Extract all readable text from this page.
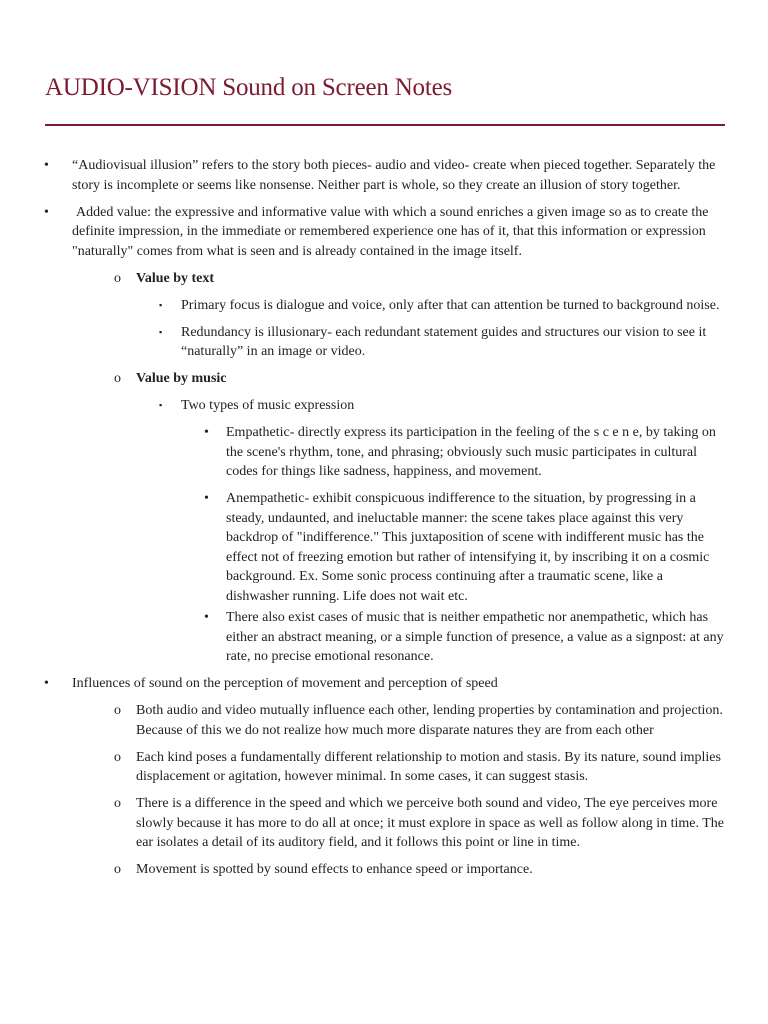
AUDIO-VISION Sound on Screen Notes
• “Audiovisual illusion” refers to the story both pieces- audio and video- create when pieced together. Separately the story is incomplete or seems like nonsense. Neither part is whole, so they create an illusion of story together.
• Added value: the expressive and informative value with which a sound enriches a given image so as to create the definite impression, in the immediate or remembered experience one has of it, that this information or expression "naturally" comes from what is seen and is already contained in the image itself.
o Value by text
▪ Primary focus is dialogue and voice, only after that can attention be turned to background noise.
▪ Redundancy is illusionary- each redundant statement guides and structures our vision to see it “naturally” in an image or video.
o Value by music
▪ Two types of music expression
• Empathetic- directly express its participation in the feeling of the s c e n e, by taking on the scene's rhythm, tone, and phrasing; obviously such music participates in cultural codes for things like sadness, happiness, and movement.
• Anempathetic- exhibit conspicuous indifference to the situation, by progressing in a steady, undaunted, and ineluctable manner: the scene takes place against this very backdrop of "indifference." This juxtaposition of scene with indifferent music has the effect not of freezing emotion but rather of intensifying it, by inscribing it on a cosmic background. Ex. Some sonic process continuing after a traumatic scene, like a dishwasher running. Life does not wait etc.
• There also exist cases of music that is neither empathetic nor anempathetic, which has either an abstract meaning, or a simple function of presence, a value as a signpost: at any rate, no precise emotional resonance.
• Influences of sound on the perception of movement and perception of speed
o Both audio and video mutually influence each other, lending properties by contamination and projection. Because of this we do not realize how much more disparate natures they are from each other
o Each kind poses a fundamentally different relationship to motion and stasis. By its nature, sound implies displacement or agitation, however minimal. In some cases, it can suggest stasis.
o There is a difference in the speed and which we perceive both sound and video, The eye perceives more slowly because it has more to do all at once; it must explore in space as well as follow along in time. The ear isolates a detail of its auditory field, and it follows this point or line in time.
o Movement is spotted by sound effects to enhance speed or importance.
